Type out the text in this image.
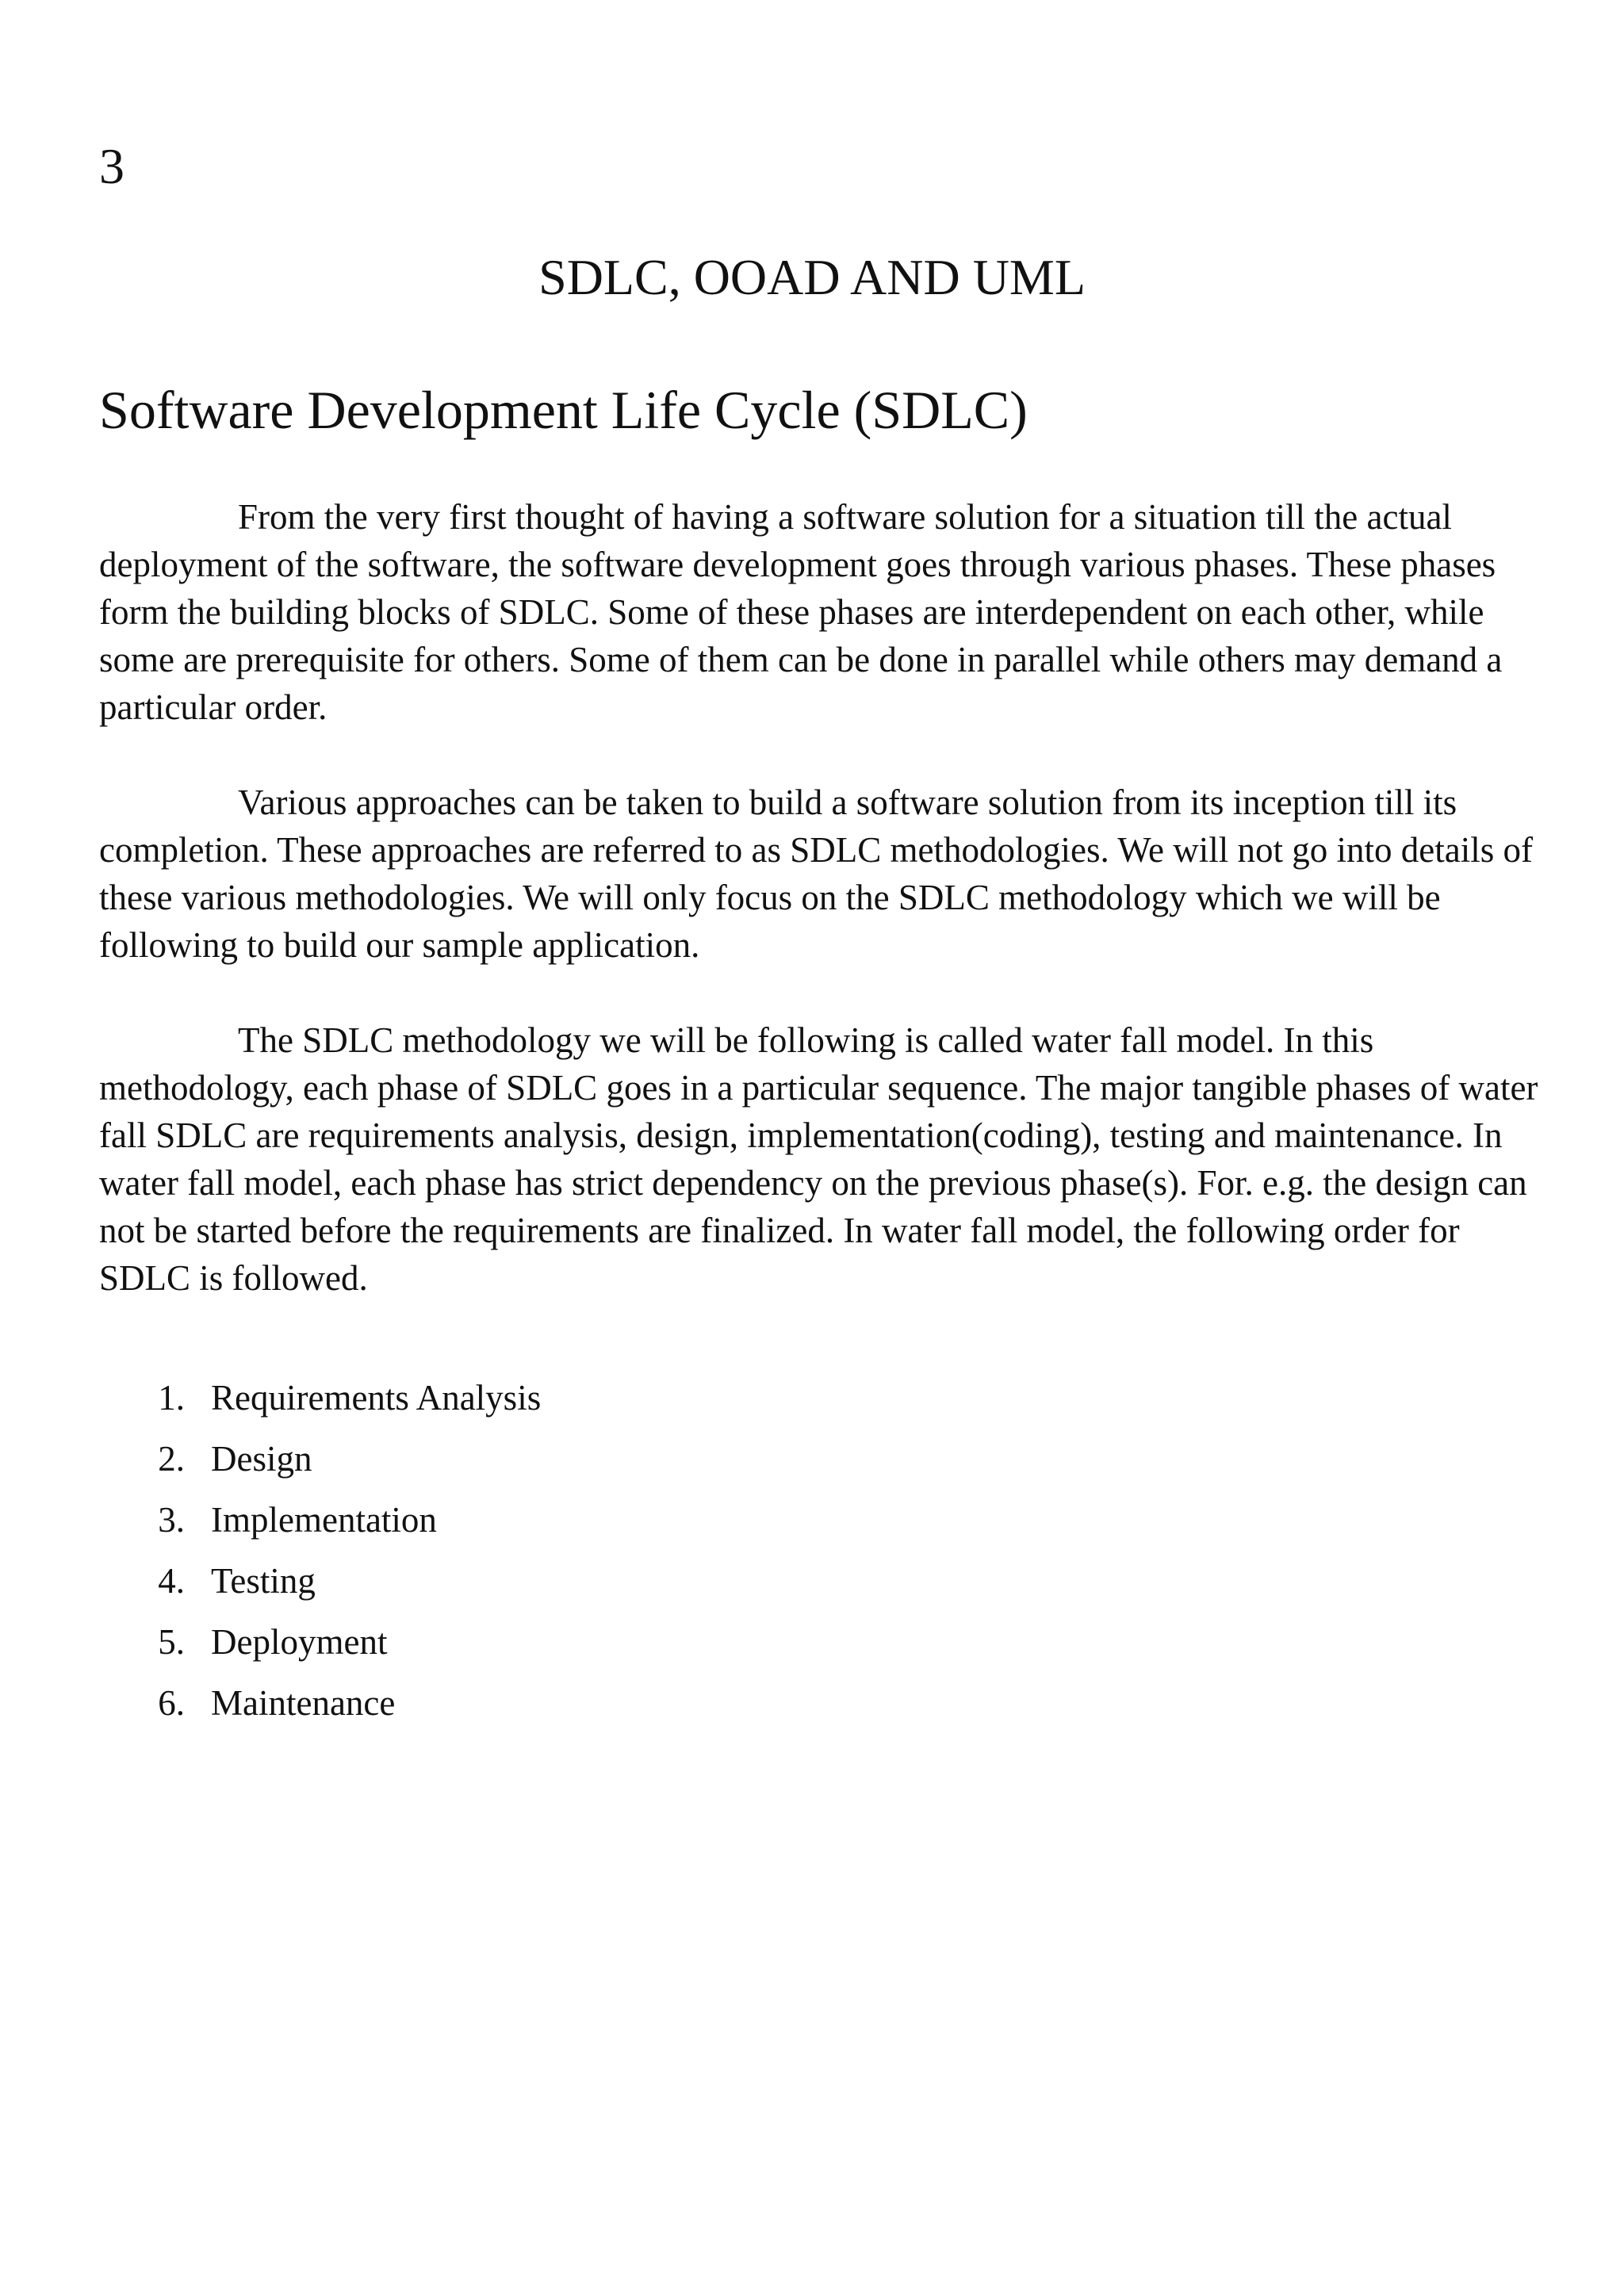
3
SDLC, OOAD AND UML
Software Development Life Cycle (SDLC)

From the very first thought of having a software solution for a situation till the actual deployment of the software, the software development goes through various phases. These phases form the building blocks of SDLC. Some of these phases are interdependent on each other, while some are prerequisite for others. Some of them can be done in parallel while others may demand a particular order.

Various approaches can be taken to build a software solution from its inception till its completion. These approaches are referred to as SDLC methodologies. We will not go into details of these various methodologies. We will only focus on the SDLC methodology which we will be following to build our sample application.

The SDLC methodology we will be following is called water fall model. In this methodology, each phase of SDLC goes in a particular sequence. The major tangible phases of water fall SDLC are requirements analysis, design, implementation(coding), testing and maintenance. In water fall model, each phase has strict dependency on the previous phase(s). For. e.g. the design can not be started before the requirements are finalized. In water fall model, the following order for SDLC is followed.

1. Requirements Analysis
2. Design
3. Implementation
4. Testing
5. Deployment
6. Maintenance
